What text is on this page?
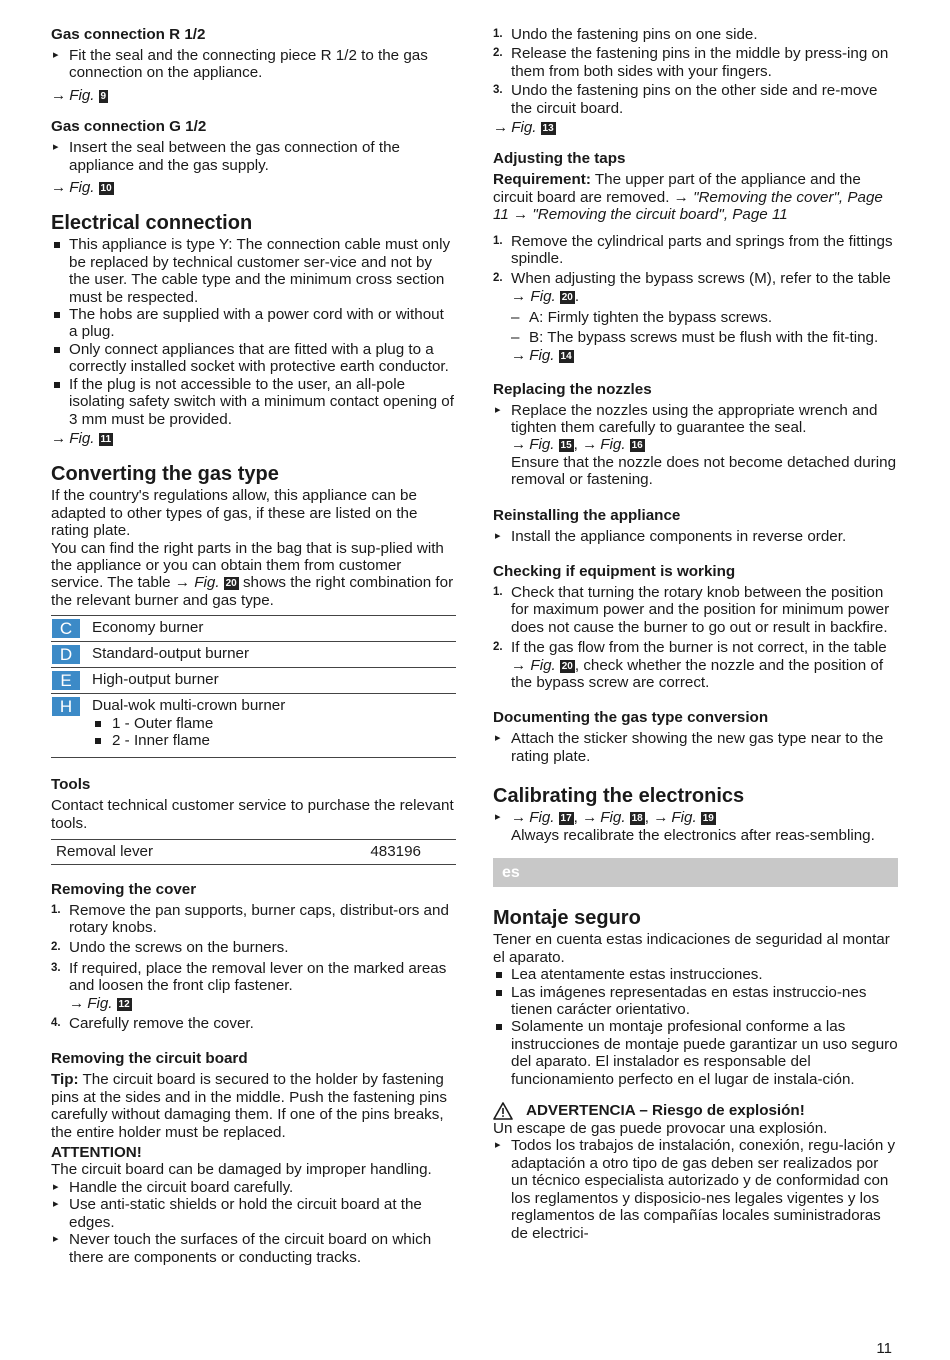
Gas connection R 1/2
▸ Fit the seal and the connecting piece R 1/2 to the gas connection on the appliance.

→ Fig. 9

Gas connection G 1/2
▸ Insert the seal between the gas connection of the appliance and the gas supply.

→ Fig. 10

Electrical connection
This appliance is type Y: The connection cable must only be replaced by technical customer ser-vice and not by the user. The cable type and the minimum cross section must be respected.
The hobs are supplied with a power cord with or without a plug.
Only connect appliances that are fitted with a plug to a correctly installed socket with protective earth conductor.
If the plug is not accessible to the user, an all-pole isolating safety switch with a minimum contact opening of 3 mm must be provided.

→ Fig. 11

Converting the gas type

If the country's regulations allow, this appliance can be adapted to other types of gas, if these are listed on the rating plate.

You can find the right parts in the bag that is sup-plied with the appliance or you can obtain them from customer service. The table → Fig. 20 shows the right combination for the relevant burner and gas type.

C	Economy burner
D	Standard-output burner
E	High-output burner
H	Dual-wok multi-crown burner
1 - Outer flame
2 - Inner flame
Tools

Contact technical customer service to purchase the relevant tools.

Removal lever	483196
Removing the cover
1. Remove the pan supports, burner caps, distribut-ors and rotary knobs.
2. Undo the screws on the burners.
3. If required, place the removal lever on the marked areas and loosen the front clip fastener.
→ Fig. 12
4. Carefully remove the cover.
Removing the circuit board

Tip: The circuit board is secured to the holder by fastening pins at the sides and in the middle. Push the fastening pins carefully without damaging them. If one of the pins breaks, the entire holder must be replaced.

ATTENTION!

The circuit board can be damaged by improper handling.

▸ Handle the circuit board carefully.
▸ Use anti-static shields or hold the circuit board at the edges.
▸ Never touch the surfaces of the circuit board on which there are components or conducting tracks.
1. Undo the fastening pins on one side.
2. Release the fastening pins in the middle by press-ing on them from both sides with your fingers.
3. Undo the fastening pins on the other side and re-move the circuit board.

→ Fig. 13

Adjusting the taps

Requirement: The upper part of the appliance and the circuit board are removed. → "Removing the cover", Page 11 → "Removing the circuit board", Page 11

1. Remove the cylindrical parts and springs from the fittings spindle.
2. When adjusting the bypass screws (M), refer to the table → Fig. 20 .
– A: Firmly tighten the bypass screws.
– B: The bypass screws must be flush with the fit-ting.
→ Fig. 14
Replacing the nozzles
▸ Replace the nozzles using the appropriate wrench and tighten them carefully to guarantee the seal.
→ Fig. 15 , → Fig. 16
Ensure that the nozzle does not become detached during removal or fastening.
Reinstalling the appliance
▸ Install the appliance components in reverse order.
Checking if equipment is working
1. Check that turning the rotary knob between the position for maximum power and the position for minimum power does not cause the burner to go out or result in backfire.
2. If the gas flow from the burner is not correct, in the table → Fig. 20 , check whether the nozzle and the position of the bypass screw are correct.
Documenting the gas type conversion
▸ Attach the sticker showing the new gas type near to the rating plate.
Calibrating the electronics
▸ → Fig. 17 , → Fig. 18 , → Fig. 19
Always recalibrate the electronics after reas-sembling.
es
Montaje seguro

Tener en cuenta estas indicaciones de seguridad al montar el aparato.

Lea atentamente estas instrucciones.
Las imágenes representadas en estas instruccio-nes tienen carácter orientativo.
Solamente un montaje profesional conforme a las instrucciones de montaje puede garantizar un uso seguro del aparato. El instalador es responsable del funcionamiento perfecto en el lugar de instala-ción.
ADVERTENCIA – Riesgo de explosión!

Un escape de gas puede provocar una explosión.

▸ Todos los trabajos de instalación, conexión, regu-lación y adaptación a otro tipo de gas deben ser realizados por un técnico especialista autorizado y de conformidad con los reglamentos y disposicio-nes legales vigentes y los reglamentos de las compañías locales suministradoras de electrici-
11
